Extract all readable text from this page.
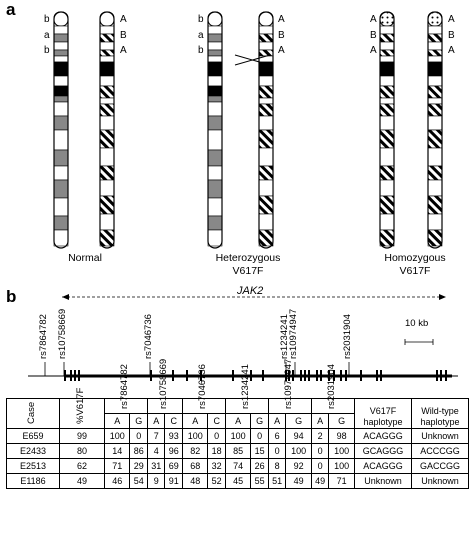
a
b
a
b
A
B
A
b
a
b
A
B
A
A
B
A
A
B
A
Normal	Heterozygous
V617F
Homozygous
V617F
b	JAK2
10 kb
rs7864782 rs10758669	rs7046736	rs1234241
rs10974947	rs2031904
Case	%V617F	rs7864782		rs10758669		rs7046736		rs1234241		rs10974947		rs2031904		V617F haplotype	Wild-type haplotype
		A	G	A	C	A	C	A	G	A	G	A	G		
E659	99	100	0	7	93	100	0	100	0	6	94	2	98	ACAGGG	Unknown
E2433	80	14	86	4	96	82	18	85	15	0	100	0	100	GCAGGG	ACCCGG
E2513	62	71	29	31	69	68	32	74	26	8	92	0	100	ACAGGG	GACCGG
E1186	49	46	54	9	91	48	52	45	55	51	49	49	71	Unknown	Unknown
